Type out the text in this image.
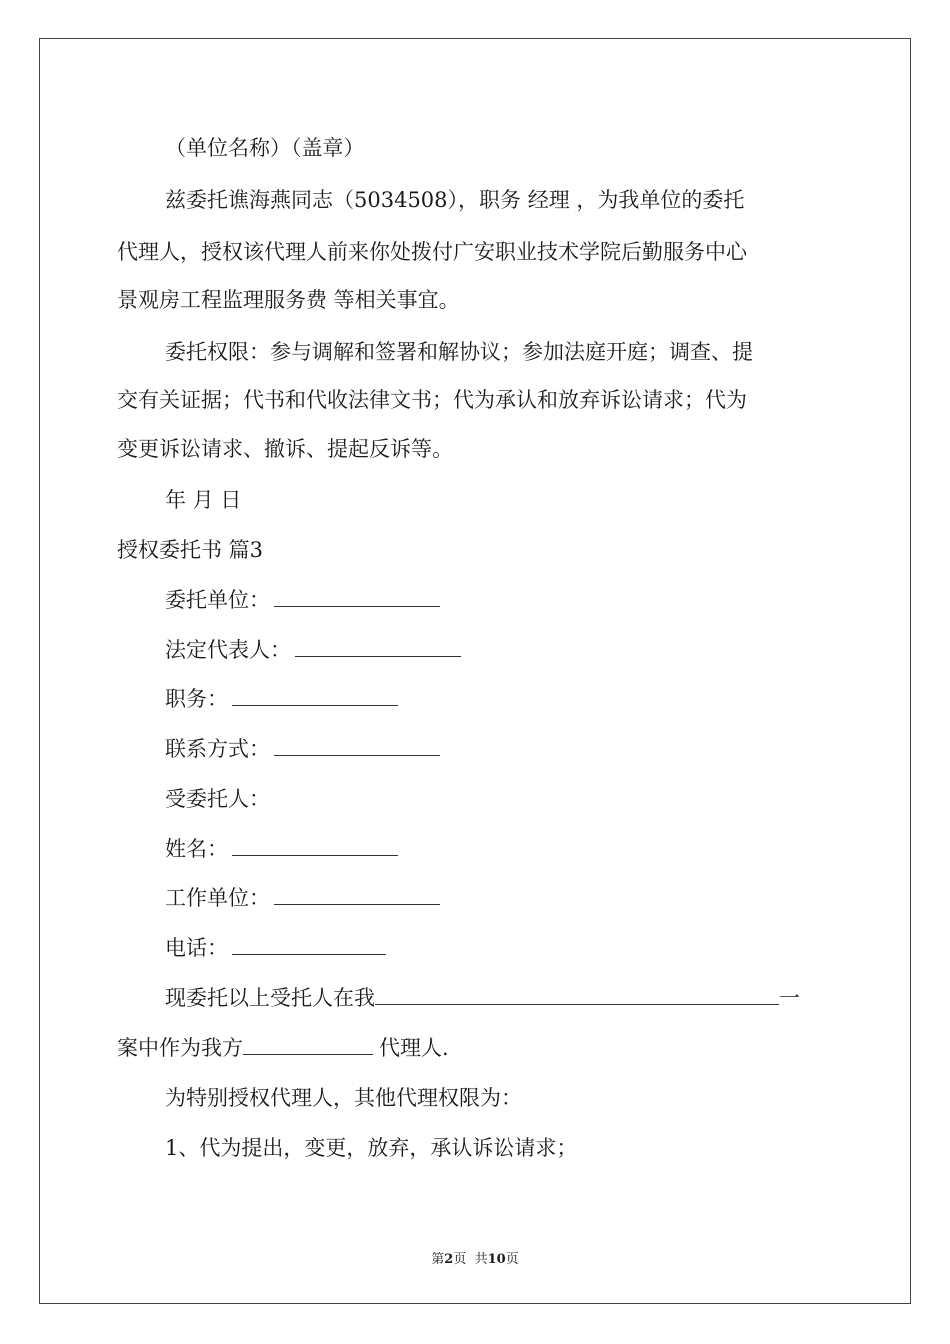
（单位名称）（盖章）
兹委托谯海燕同志（5034508），职务 经理 ，为我单位的委托
代理人，授权该代理人前来你处拨付广安职业技术学院后勤服务中心
景观房工程监理服务费 等相关事宜。
委托权限：参与调解和签署和解协议；参加法庭开庭；调查、提
交有关证据；代书和代收法律文书；代为承认和放弃诉讼请求；代为
变更诉讼请求、撤诉、提起反诉等。
年 月 日
授权委托书 篇3
委托单位：
法定代表人：
职务：
联系方式：
受委托人：
姓名：
工作单位：
电话：
现委托以上受托人在我	一
案中作为我方	代理人.
为特别授权代理人，其他代理权限为：
1、代为提出，变更，放弃，承认诉讼请求；
第2页  共10页
